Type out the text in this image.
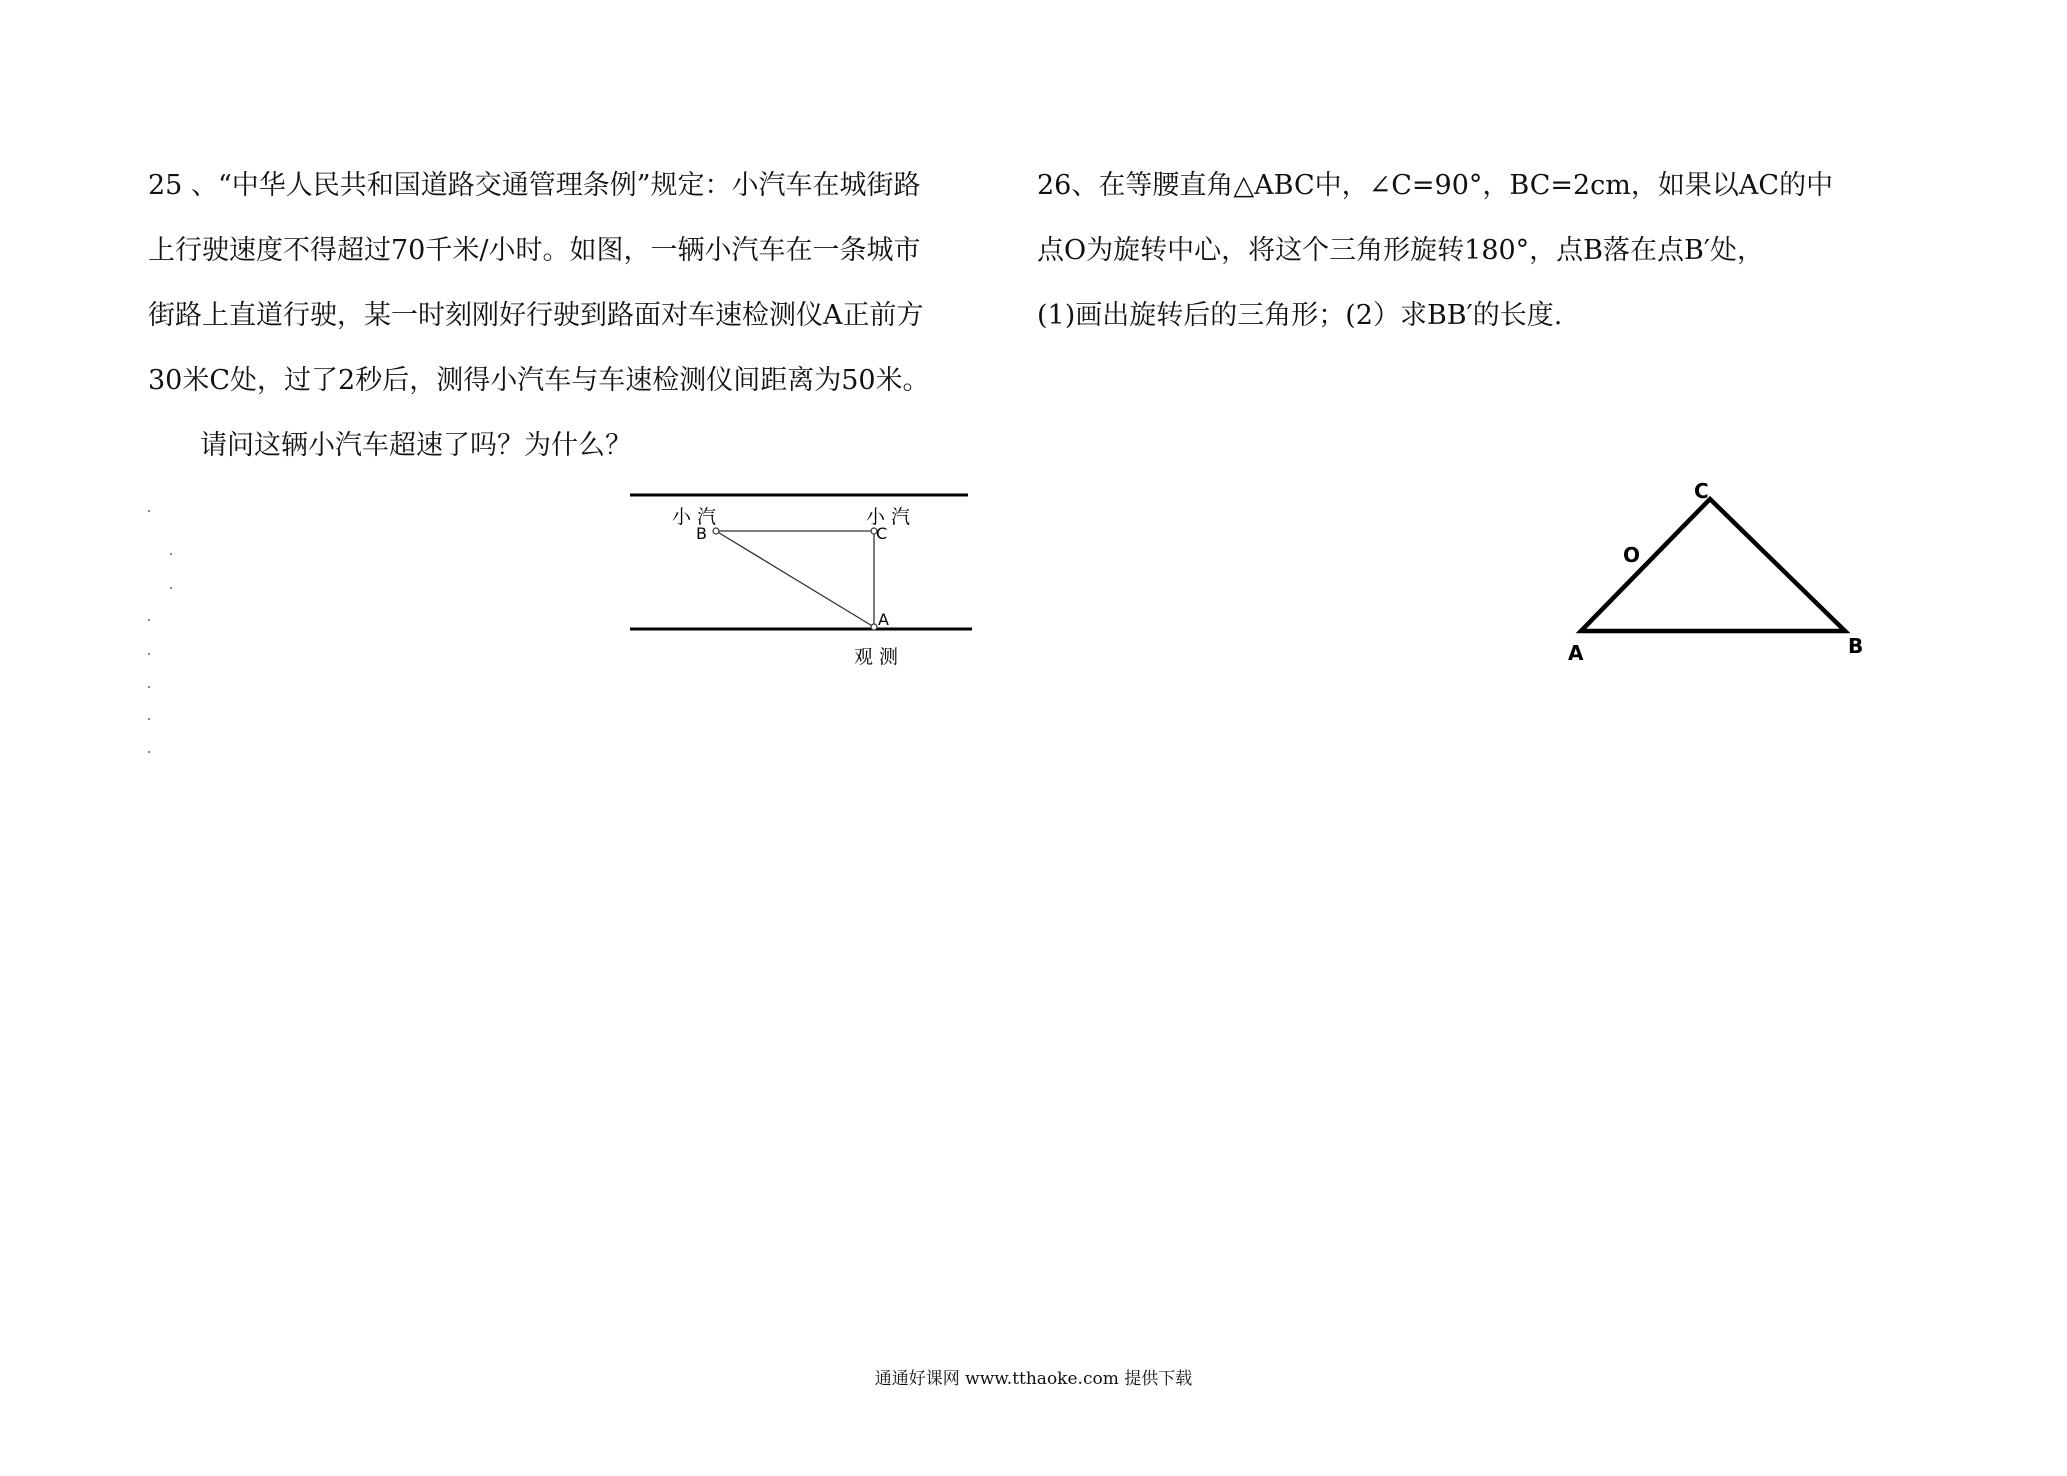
25 、“中华人民共和国道路交通管理条例”规定：小汽车在城街路

上行驶速度不得超过70千米/小时。如图，一辆小汽车在一条城市

街路上直道行驶，某一时刻刚好行驶到路面对车速检测仪A正前方

30米C处，过了2秒后，测得小汽车与车速检测仪间距离为50米。

请问这辆小汽车超速了吗？为什么？

26、在等腰直角△ABC中，∠C=90°，BC=2cm，如果以AC的中

点O为旋转中心，将这个三角形旋转180°，点B落在点B′处，

(1)画出旋转后的三角形；(2）求BB′的长度.

小 汽	小 汽
B	C
A
观 测
C
O
A	B
通通好课网 www.tthaoke.com 提供下载
